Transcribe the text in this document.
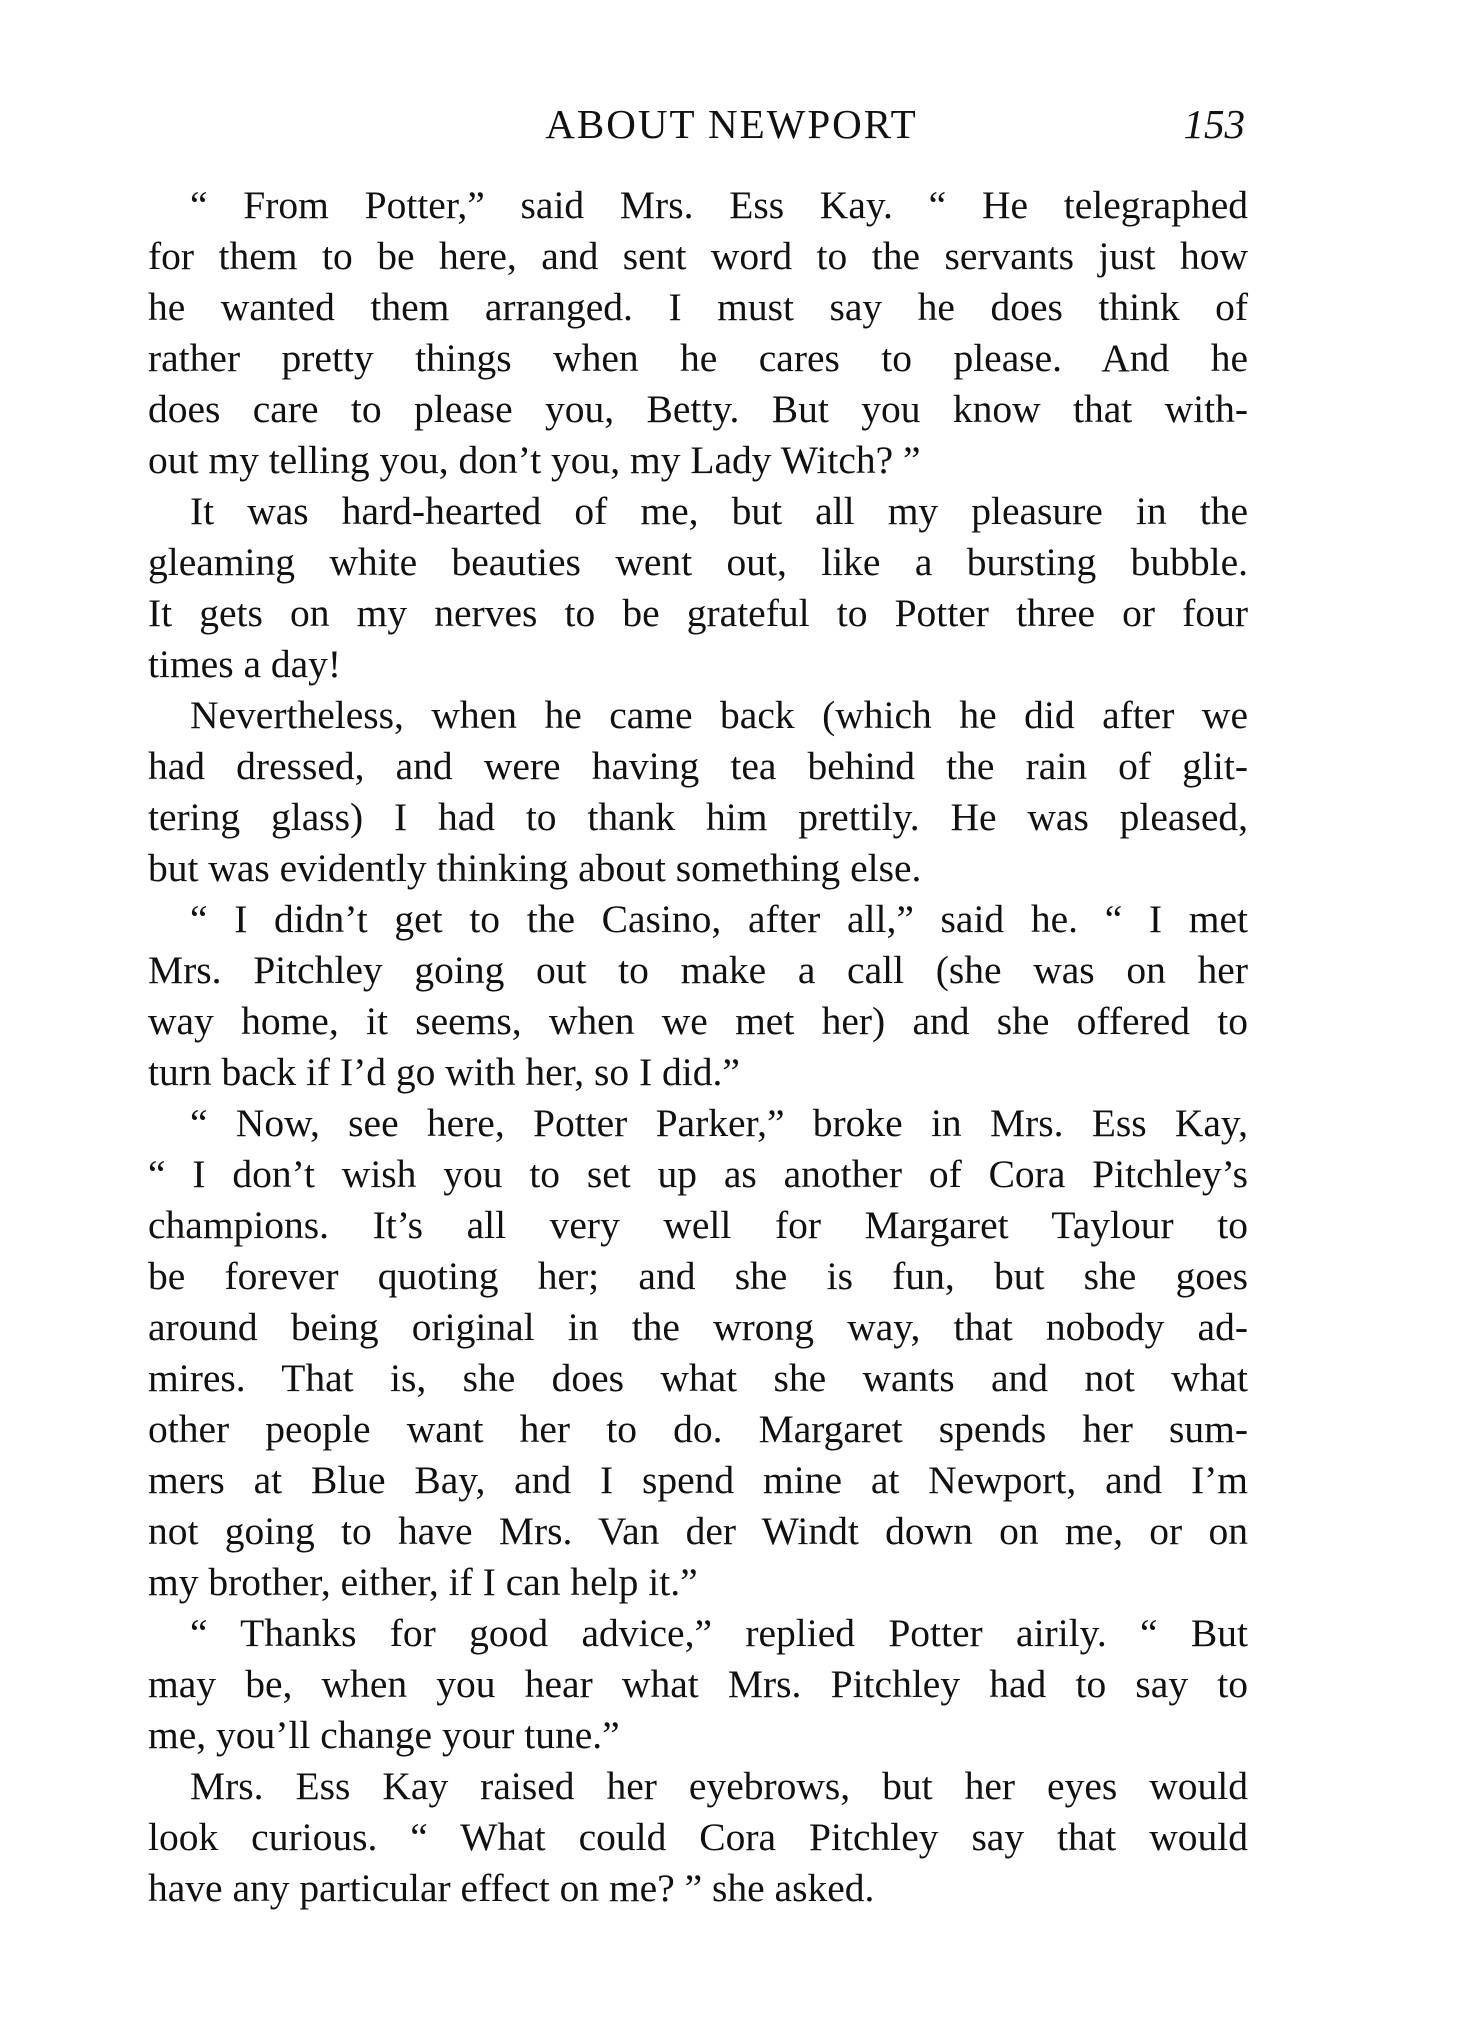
ABOUT NEWPORT	153
“ From Potter,” said Mrs. Ess Kay. “ He telegraphed
for them to be here, and sent word to the servants just how
he wanted them arranged. I must say he does think of
rather pretty things when he cares to please. And he
does care to please you, Betty. But you know that with-
out my telling you, don’t you, my Lady Witch? ”
It was hard-hearted of me, but all my pleasure in the
gleaming white beauties went out, like a bursting bubble.
It gets on my nerves to be grateful to Potter three or four
times a day!
Nevertheless, when he came back (which he did after we
had dressed, and were having tea behind the rain of glit-
tering glass) I had to thank him prettily. He was pleased,
but was evidently thinking about something else.
“ I didn’t get to the Casino, after all,” said he. “ I met
Mrs. Pitchley going out to make a call (she was on her
way home, it seems, when we met her) and she offered to
turn back if I’d go with her, so I did.”
“ Now, see here, Potter Parker,” broke in Mrs. Ess Kay,
“ I don’t wish you to set up as another of Cora Pitchley’s
champions. It’s all very well for Margaret Taylour to
be forever quoting her; and she is fun, but she goes
around being original in the wrong way, that nobody ad-
mires. That is, she does what she wants and not what
other people want her to do. Margaret spends her sum-
mers at Blue Bay, and I spend mine at Newport, and I’m
not going to have Mrs. Van der Windt down on me, or on
my brother, either, if I can help it.”
“ Thanks for good advice,” replied Potter airily. “ But
may be, when you hear what Mrs. Pitchley had to say to
me, you’ll change your tune.”
Mrs. Ess Kay raised her eyebrows, but her eyes would
look curious. “ What could Cora Pitchley say that would
have any particular effect on me? ” she asked.
